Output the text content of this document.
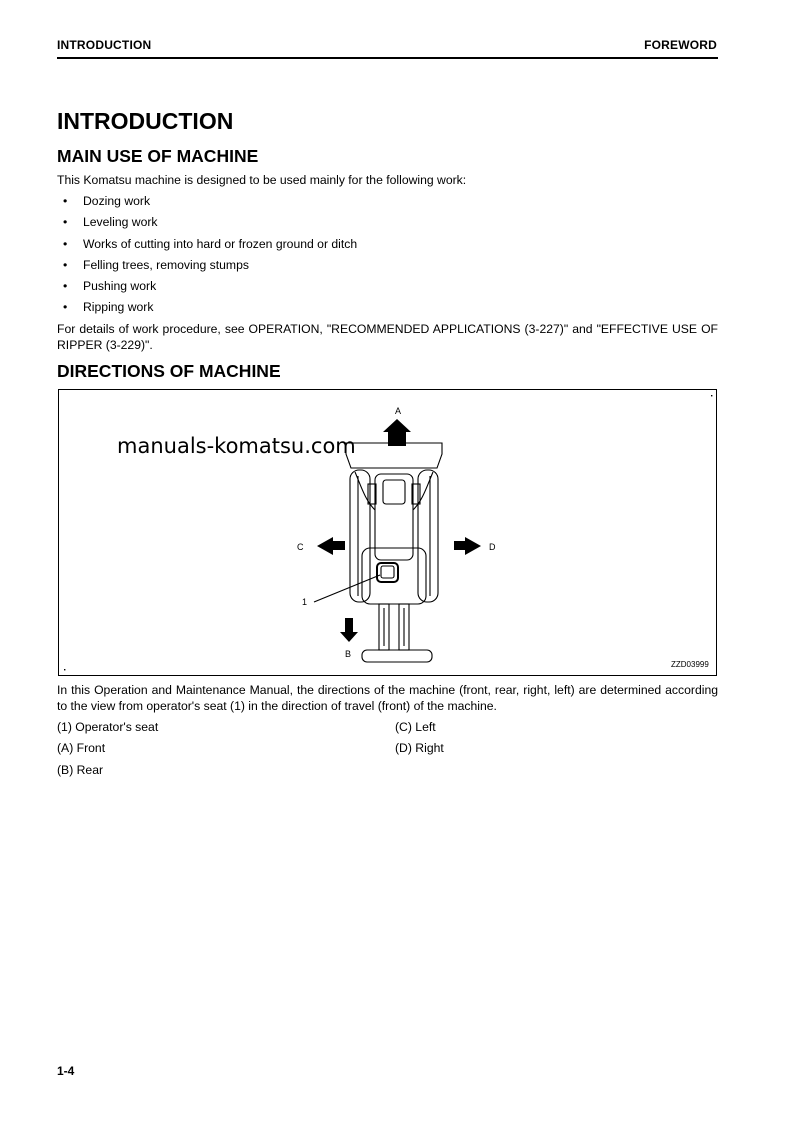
INTRODUCTION	FOREWORD
INTRODUCTION
MAIN USE OF MACHINE

This Komatsu machine is designed to be used mainly for the following work:

• Dozing work
• Leveling work
• Works of cutting into hard or frozen ground or ditch
• Felling trees, removing stumps
• Pushing work
• Ripping work

For details of work procedure, see OPERATION, "RECOMMENDED APPLICATIONS (3-227)" and "EFFECTIVE USE OF RIPPER (3-229)".

DIRECTIONS OF MACHINE
A
B
C	D
1
manuals-komatsu.com
ZZD03999

In this Operation and Maintenance Manual, the directions of the machine (front, rear, right, left) are determined according to the view from operator's seat (1) in the direction of travel (front) of the machine.

(1) Operator's seat	(C) Left
(A) Front	(D) Right
(B) Rear
1-4
